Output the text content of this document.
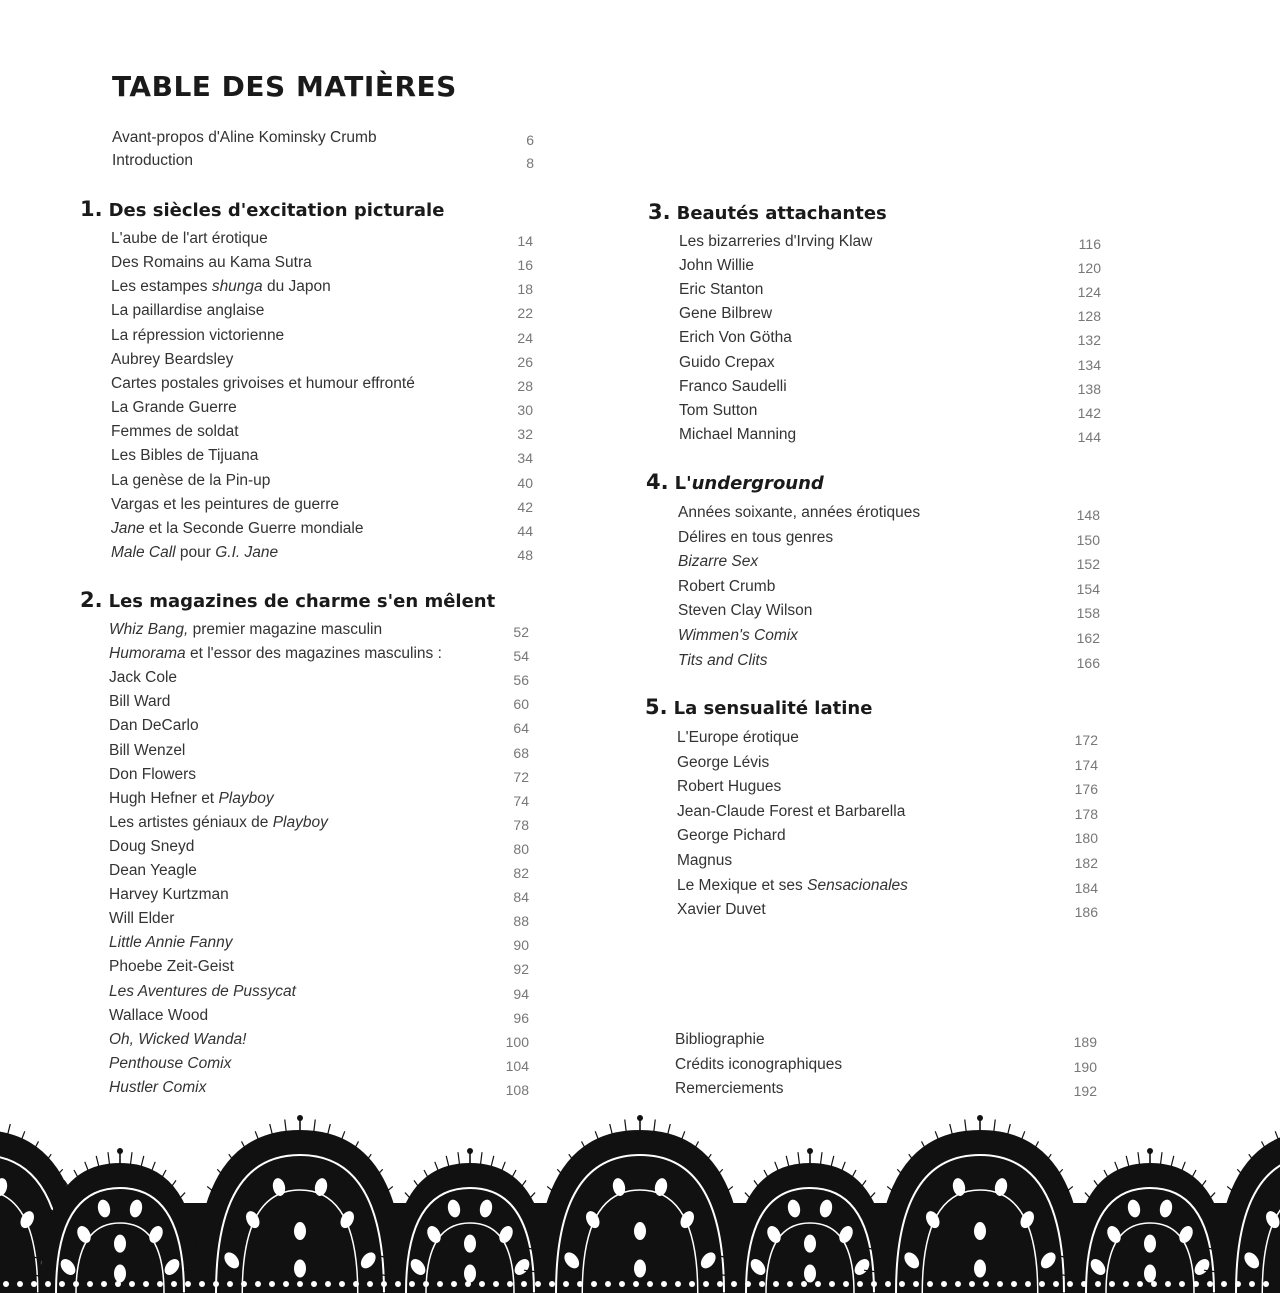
TABLE DES MATIÈRES
Avant-propos d'Aline Kominsky Crumb	6
Introduction	8
1. Des siècles d'excitation picturale
L'aube de l'art érotique	14
Des Romains au Kama Sutra	16
Les estampes shunga du Japon	18
La paillardise anglaise	22
La répression victorienne	24
Aubrey Beardsley	26
Cartes postales grivoises et humour effronté	28
La Grande Guerre	30
Femmes de soldat	32
Les Bibles de Tijuana	34
La genèse de la Pin-up	40
Vargas et les peintures de guerre	42
Jane et la Seconde Guerre mondiale	44
Male Call pour G.I. Jane	48
2. Les magazines de charme s'en mêlent
Whiz Bang, premier magazine masculin	52
Humorama et l'essor des magazines masculins :	54
Jack Cole	56
Bill Ward	60
Dan DeCarlo	64
Bill Wenzel	68
Don Flowers	72
Hugh Hefner et Playboy	74
Les artistes géniaux de Playboy	78
Doug Sneyd	80
Dean Yeagle	82
Harvey Kurtzman	84
Will Elder	88
Little Annie Fanny	90
Phoebe Zeit-Geist	92
Les Aventures de Pussycat	94
Wallace Wood	96
Oh, Wicked Wanda!	100
Penthouse Comix	104
Hustler Comix	108
3. Beautés attachantes
Les bizarreries d'Irving Klaw	116
John Willie	120
Eric Stanton	124
Gene Bilbrew	128
Erich Von Götha	132
Guido Crepax	134
Franco Saudelli	138
Tom Sutton	142
Michael Manning	144
4. L'underground
Années soixante, années érotiques	148
Délires en tous genres	150
Bizarre Sex	152
Robert Crumb	154
Steven Clay Wilson	158
Wimmen's Comix	162
Tits and Clits	166
5. La sensualité latine
L'Europe érotique	172
George Lévis	174
Robert Hugues	176
Jean-Claude Forest et Barbarella	178
George Pichard	180
Magnus	182
Le Mexique et ses Sensacionales	184
Xavier Duvet	186
Bibliographie	189
Crédits iconographiques	190
Remerciements	192
